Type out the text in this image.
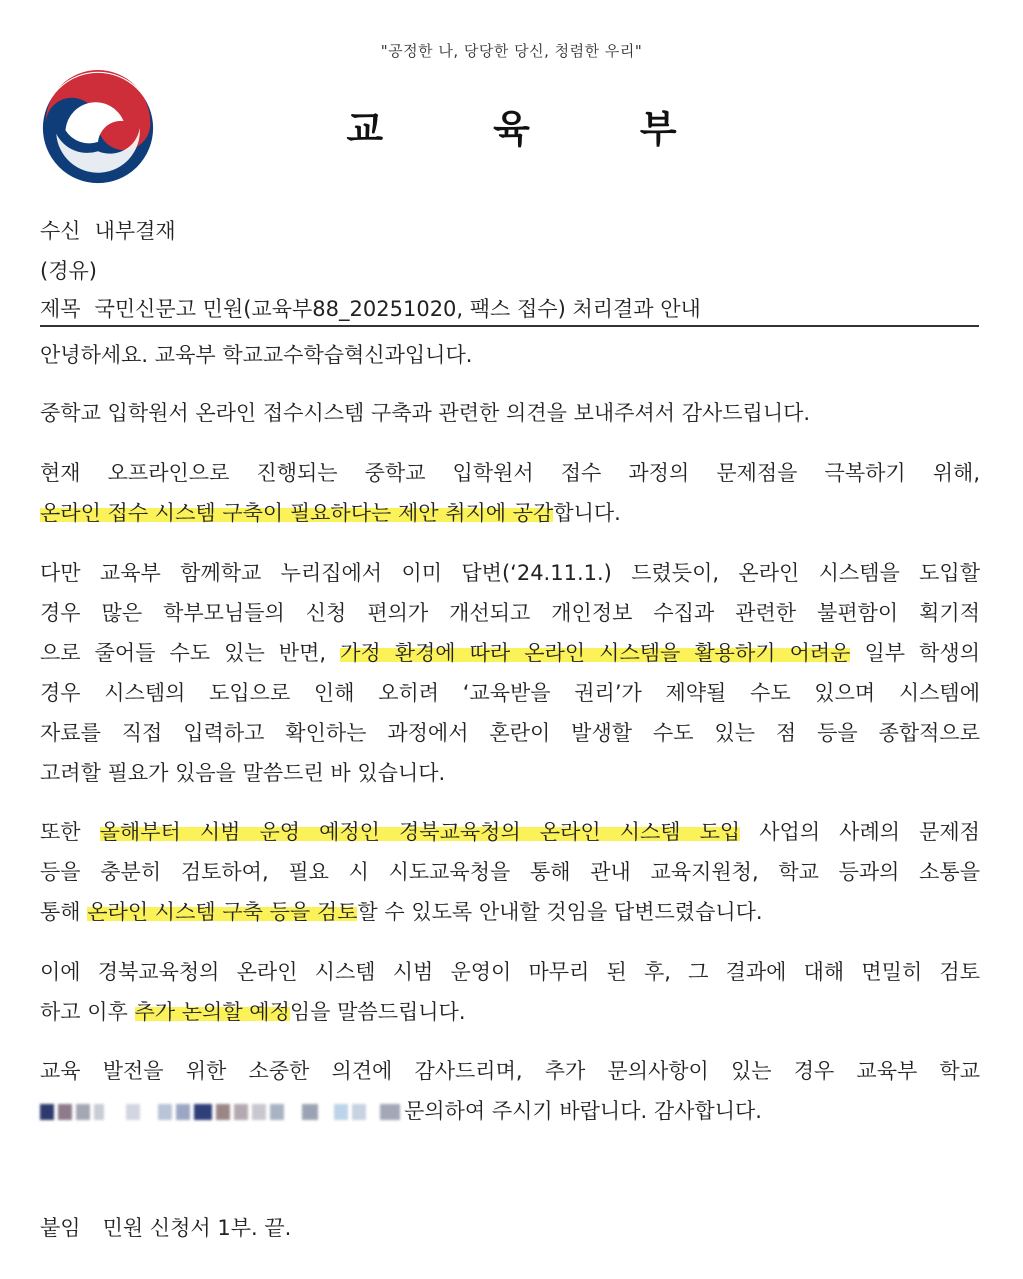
"공정한 나, 당당한 당신, 청렴한 우리"
교	육	부
수신 내부결재
(경유)
제목 국민신문고 민원(교육부88_20251020, 팩스 접수) 처리결과 안내
안녕하세요. 교육부 학교교수학습혁신과입니다.
중학교 입학원서 온라인 접수시스템 구축과 관련한 의견을 보내주셔서 감사드립니다.
현재 오프라인으로 진행되는 중학교 입학원서 접수 과정의 문제점을 극복하기 위해,
온라인 접수 시스템 구축이 필요하다는 제안 취지에 공감합니다.
다만 교육부 함께학교 누리집에서 이미 답변(‘24.11.1.) 드렸듯이, 온라인 시스템을 도입할
경우 많은 학부모님들의 신청 편의가 개선되고 개인정보 수집과 관련한 불편함이 획기적
으로 줄어들 수도 있는 반면, 가정 환경에 따라 온라인 시스템을 활용하기 어려운 일부 학생의
경우 시스템의 도입으로 인해 오히려 ‘교육받을 권리’가 제약될 수도 있으며 시스템에
자료를 직접 입력하고 확인하는 과정에서 혼란이 발생할 수도 있는 점 등을 종합적으로
고려할 필요가 있음을 말씀드린 바 있습니다.
또한 올해부터 시범 운영 예정인 경북교육청의 온라인 시스템 도입 사업의 사례의 문제점
등을 충분히 검토하여, 필요 시 시도교육청을 통해 관내 교육지원청, 학교 등과의 소통을
통해 온라인 시스템 구축 등을 검토할 수 있도록 안내할 것임을 답변드렸습니다.
이에 경북교육청의 온라인 시스템 시범 운영이 마무리 된 후, 그 결과에 대해 면밀히 검토
하고 이후 추가 논의할 예정임을 말씀드립니다.
교육 발전을 위한 소중한 의견에 감사드리며, 추가 문의사항이 있는 경우 교육부 학교
문의하여 주시기 바랍니다. 감사합니다.
붙임 민원 신청서 1부. 끝.
